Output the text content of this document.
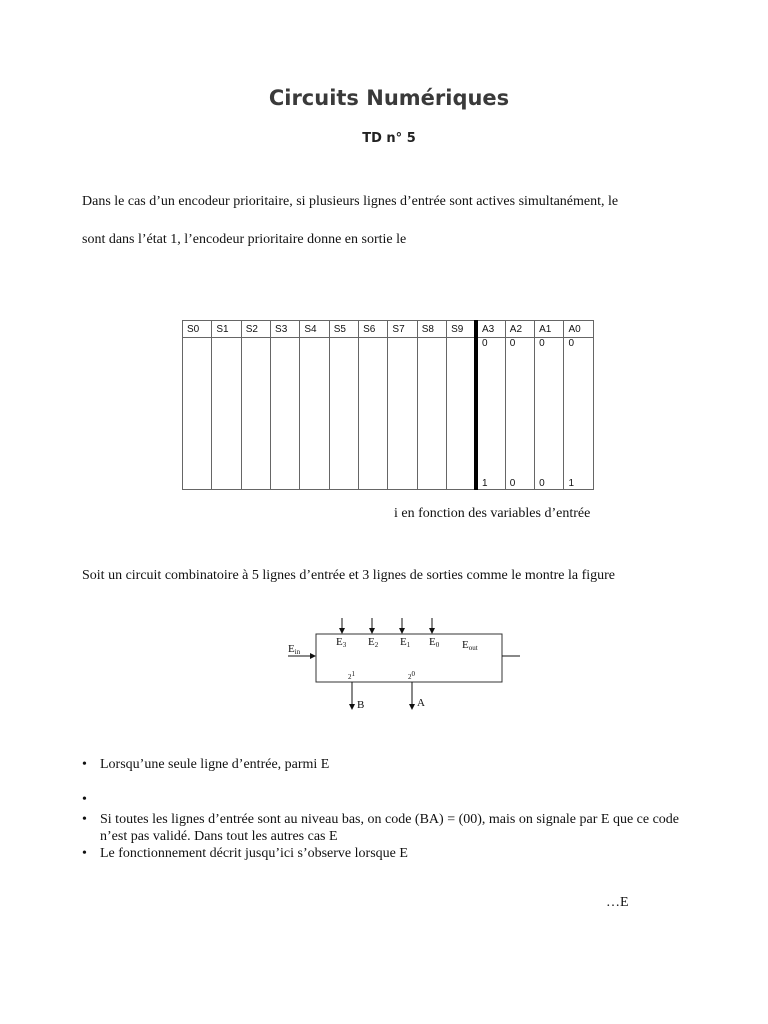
Circuits Numériques
TD n° 5
Dans le cas d’un encodeur prioritaire, si plusieurs lignes d’entrée sont actives simultanément, le
sont dans l’état 1, l’encodeur prioritaire donne en sortie le
S0	S1	S2	S3	S4	S5	S6	S7	S8	S9	A3	A2	A1	A0
										0	0	0	0

										1	0	0	1
i en fonction des variables d’entrée
Soit un circuit combinatoire à 5 lignes d’entrée et 3 lignes de sorties comme le montre la figure
Ein
E3 E2 E1 E0 Eout
21	20
B	A
• Lorsqu’une seule ligne d’entrée, parmi E
•
• Si toutes les lignes d’entrée sont au niveau bas, on code (BA) = (00), mais on signale par E que ce code n’est pas validé. Dans tout les autres cas E
• Le fonctionnement décrit jusqu’ici s’observe lorsque E
…E
